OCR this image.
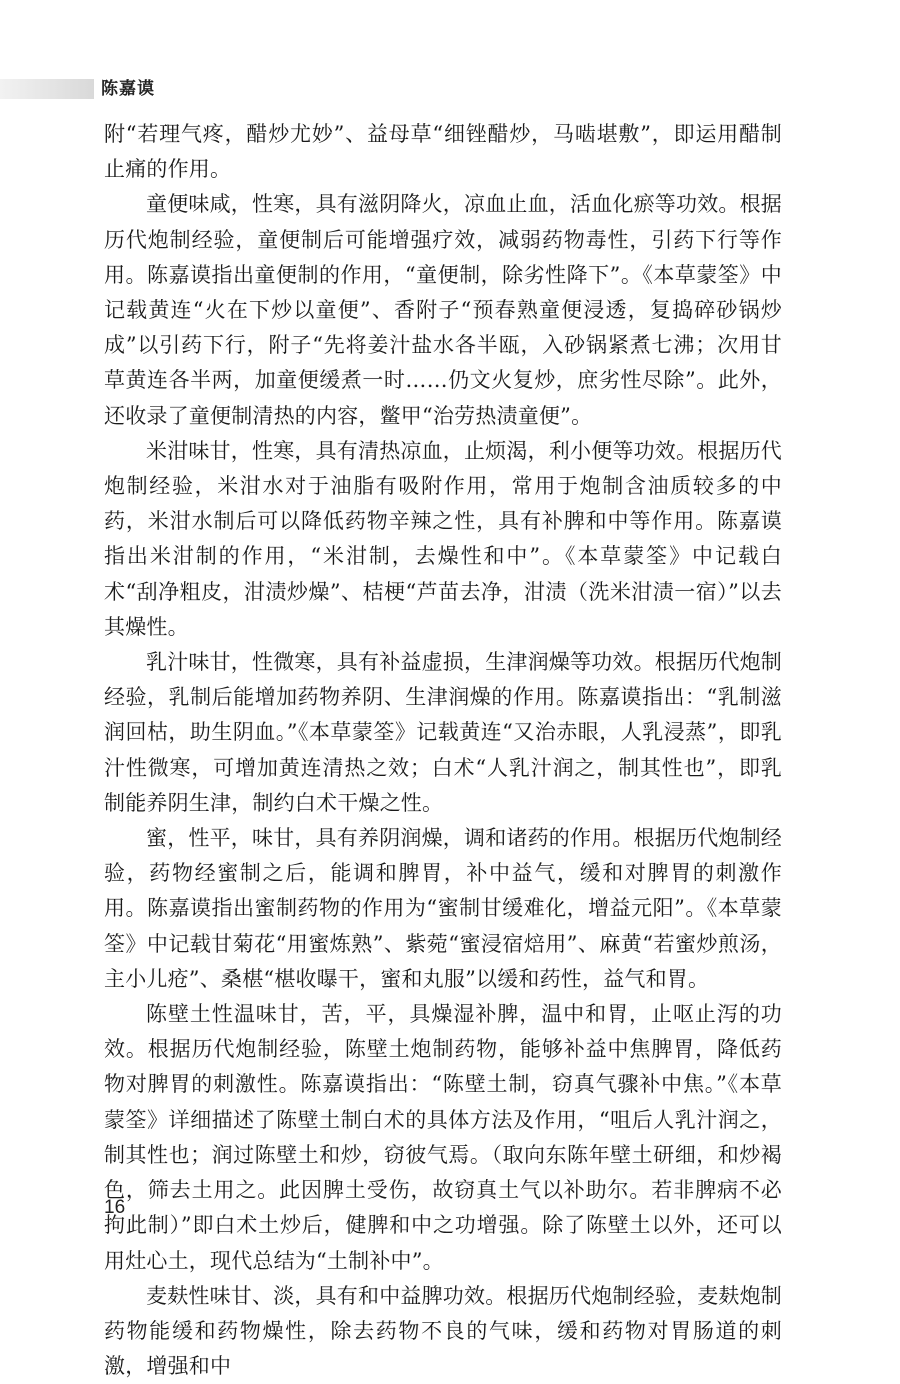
陈嘉谟

附“若理气疼，醋炒尤妙”、益母草“细锉醋炒，马啮堪敷”，即运用醋制止痛的作用。

童便味咸，性寒，具有滋阴降火，凉血止血，活血化瘀等功效。根据历代炮制经验，童便制后可能增强疗效，减弱药物毒性，引药下行等作用。陈嘉谟指出童便制的作用，“童便制，除劣性降下”。《本草蒙筌》中记载黄连“火在下炒以童便”、香附子“预春熟童便浸透，复捣碎砂锅炒成”以引药下行，附子“先将姜汁盐水各半瓯，入砂锅紧煮七沸；次用甘草黄连各半两，加童便缓煮一时……仍文火复炒，庶劣性尽除”。此外，还收录了童便制清热的内容，鳖甲“治劳热渍童便”。

米泔味甘，性寒，具有清热凉血，止烦渴，利小便等功效。根据历代炮制经验，米泔水对于油脂有吸附作用，常用于炮制含油质较多的中药，米泔水制后可以降低药物辛辣之性，具有补脾和中等作用。陈嘉谟指出米泔制的作用，“米泔制，去燥性和中”。《本草蒙筌》中记载白术“刮净粗皮，泔渍炒燥”、桔梗“芦苗去净，泔渍（洗米泔渍一宿）”以去其燥性。

乳汁味甘，性微寒，具有补益虚损，生津润燥等功效。根据历代炮制经验，乳制后能增加药物养阴、生津润燥的作用。陈嘉谟指出：“乳制滋润回枯，助生阴血。”《本草蒙筌》记载黄连“又治赤眼，人乳浸蒸”，即乳汁性微寒，可增加黄连清热之效；白术“人乳汁润之，制其性也”，即乳制能养阴生津，制约白术干燥之性。

蜜，性平，味甘，具有养阴润燥，调和诸药的作用。根据历代炮制经验，药物经蜜制之后，能调和脾胃，补中益气，缓和对脾胃的刺激作用。陈嘉谟指出蜜制药物的作用为“蜜制甘缓难化，增益元阳”。《本草蒙筌》中记载甘菊花“用蜜炼熟”、紫菀“蜜浸宿焙用”、麻黄“若蜜炒煎汤，主小儿疮”、桑椹“椹收曝干，蜜和丸服”以缓和药性，益气和胃。

陈壁土性温味甘，苦，平，具燥湿补脾，温中和胃，止呕止泻的功效。根据历代炮制经验，陈壁土炮制药物，能够补益中焦脾胃，降低药物对脾胃的刺激性。陈嘉谟指出：“陈壁土制，窃真气骤补中焦。”《本草蒙筌》详细描述了陈壁土制白术的具体方法及作用，“咀后人乳汁润之，制其性也；润过陈壁土和炒，窃彼气焉。（取向东陈年壁土研细，和炒褐色，筛去土用之。此因脾土受伤，故窃真土气以补助尔。若非脾病不必拘此制）”即白术土炒后，健脾和中之功增强。除了陈壁土以外，还可以用灶心土，现代总结为“土制补中”。

麦麸性味甘、淡，具有和中益脾功效。根据历代炮制经验，麦麸炮制药物能缓和药物燥性，除去药物不良的气味，缓和药物对胃肠道的刺激，增强和中

16
